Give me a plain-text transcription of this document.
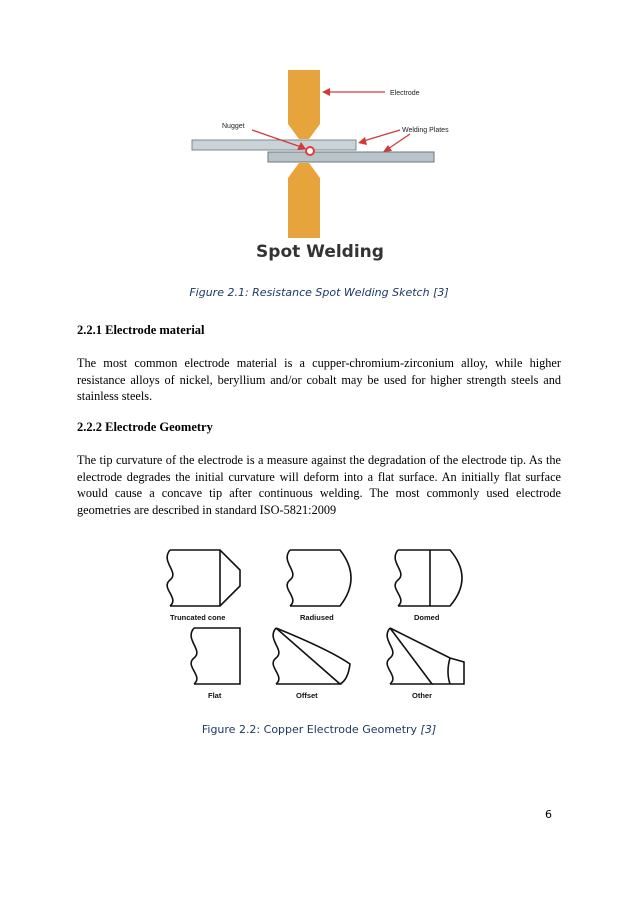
Electrode
Nugget
Welding Plates
Spot Welding
Figure 2.1: Resistance Spot Welding Sketch [3]
2.2.1 Electrode material
The most common electrode material is a cupper-chromium-zirconium alloy, while higher resistance alloys of nickel, beryllium and/or cobalt may be used for higher strength steels and stainless steels.
2.2.2 Electrode Geometry
The tip curvature of the electrode is a measure against the degradation of the electrode tip. As the electrode degrades the initial curvature will deform into a flat surface. An initially flat surface would cause a concave tip after continuous welding. The most commonly used electrode geometries are described in standard ISO-5821:2009
Truncated cone	Radiused	Domed
Flat	Offset	Other
Figure 2.2: Copper Electrode Geometry [3]
6
